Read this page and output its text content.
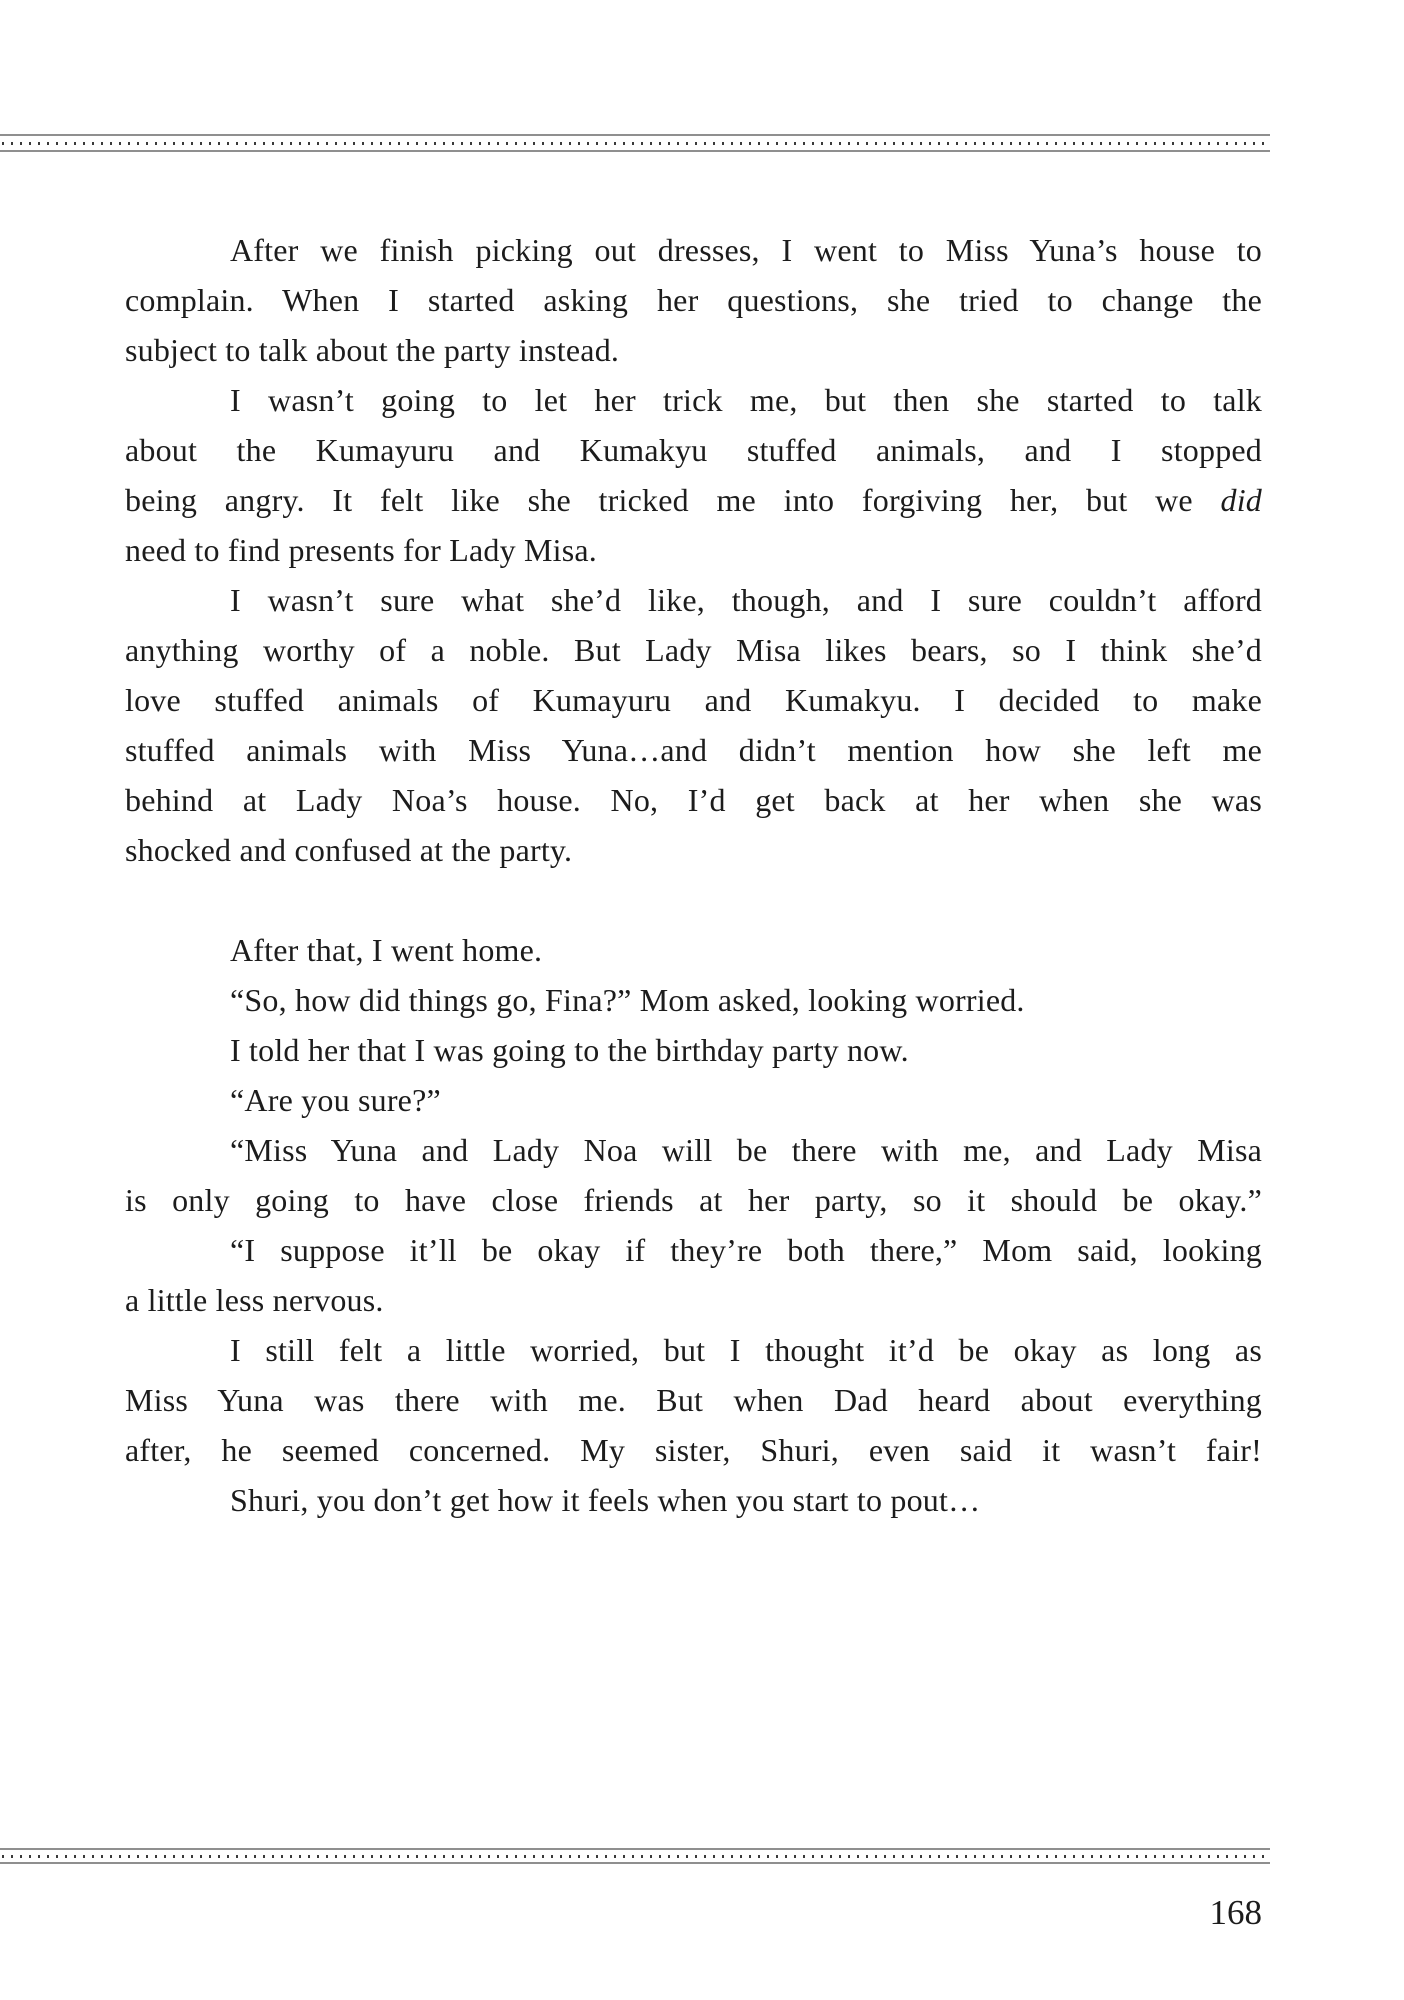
After we finish picking out dresses, I went to Miss Yuna’s house to
complain. When I started asking her questions, she tried to change the
subject to talk about the party instead.
I wasn’t going to let her trick me, but then she started to talk
about the Kumayuru and Kumakyu stuffed animals, and I stopped
being angry. It felt like she tricked me into forgiving her, but we did
need to find presents for Lady Misa.
I wasn’t sure what she’d like, though, and I sure couldn’t afford
anything worthy of a noble. But Lady Misa likes bears, so I think she’d
love stuffed animals of Kumayuru and Kumakyu. I decided to make
stuffed animals with Miss Yuna…and didn’t mention how she left me
behind at Lady Noa’s house. No, I’d get back at her when she was
shocked and confused at the party.
After that, I went home.
“So, how did things go, Fina?” Mom asked, looking worried.
I told her that I was going to the birthday party now.
“Are you sure?”
“Miss Yuna and Lady Noa will be there with me, and Lady Misa
is only going to have close friends at her party, so it should be okay.”
“I suppose it’ll be okay if they’re both there,” Mom said, looking
a little less nervous.
I still felt a little worried, but I thought it’d be okay as long as
Miss Yuna was there with me. But when Dad heard about everything
after, he seemed concerned. My sister, Shuri, even said it wasn’t fair!
Shuri, you don’t get how it feels when you start to pout…
168
